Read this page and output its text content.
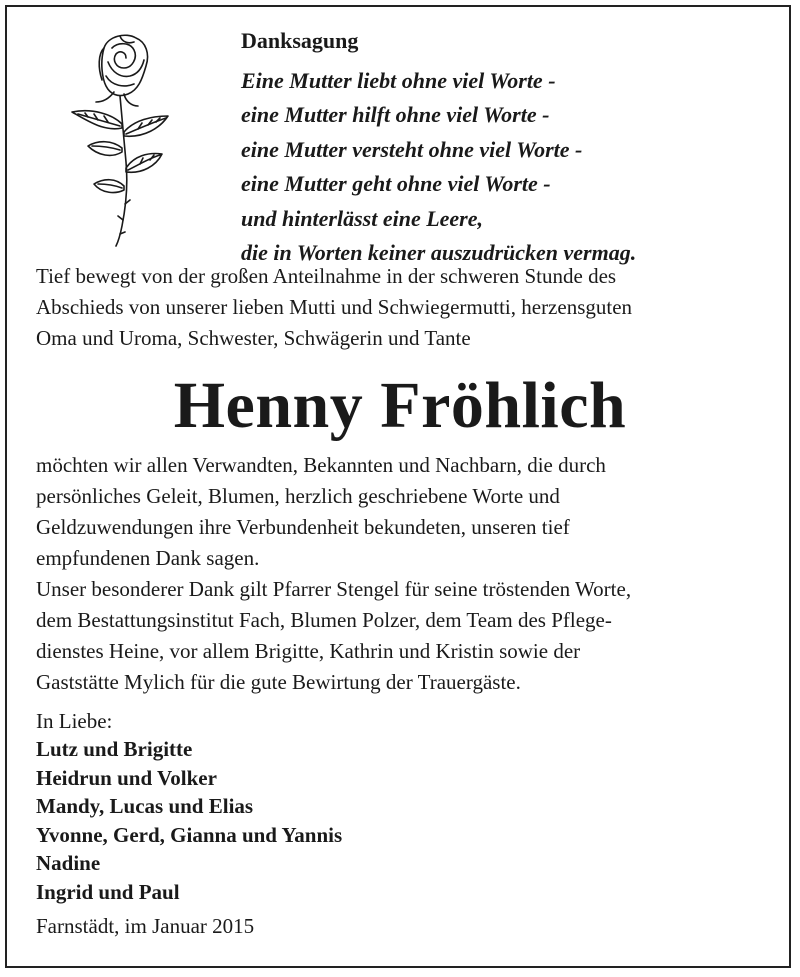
Danksagung
Eine Mutter liebt ohne viel Worte -
eine Mutter hilft ohne viel Worte -
eine Mutter versteht ohne viel Worte -
eine Mutter geht ohne viel Worte -
und hinterlässt eine Leere,
die in Worten keiner auszudrücken vermag.
Tief bewegt von der großen Anteilnahme in der schweren Stunde des
Abschieds von unserer lieben Mutti und Schwiegermutti, herzensguten
Oma und Uroma, Schwester, Schwägerin und Tante
Henny Fröhlich
möchten wir allen Verwandten, Bekannten und Nachbarn, die durch
persönliches Geleit, Blumen, herzlich geschriebene Worte und
Geldzuwendungen ihre Verbundenheit bekundeten, unseren tief
empfundenen Dank sagen.
Unser besonderer Dank gilt Pfarrer Stengel für seine tröstenden Worte,
dem Bestattungsinstitut Fach, Blumen Polzer, dem Team des Pflege-
dienstes Heine, vor allem Brigitte, Kathrin und Kristin sowie der
Gaststätte Mylich für die gute Bewirtung der Trauergäste.
In Liebe:
Lutz und Brigitte
Heidrun und Volker
Mandy, Lucas und Elias
Yvonne, Gerd, Gianna und Yannis
Nadine
Ingrid und Paul
Farnstädt, im Januar 2015
